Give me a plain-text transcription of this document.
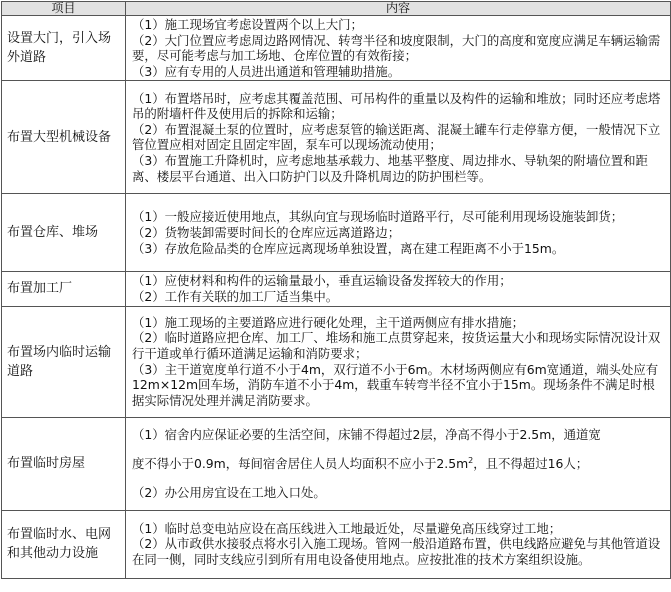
项目	内容
设置大门，引入场外道路	（1）施工现场宜考虑设置两个以上大门；

（2）大门位置应考虑周边路网情况、转弯半径和坡度限制，大门的高度和宽度应满足车辆运输需要，尽可能考虑与加工场地、仓库位置的有效衔接；

（3）应有专用的人员进出通道和管理辅助措施。

布置大型机械设备	（1）布置塔吊时，应考虑其覆盖范围、可吊构件的重量以及构件的运输和堆放；同时还应考虑塔吊的附墙杆件及使用后的拆除和运输；

（2）布置混凝土泵的位置时，应考虑泵管的输送距离、混凝土罐车行走停靠方便，一般情况下立管位置应相对固定且固定牢固，泵车可以现场流动使用；

（3）布置施工升降机时，应考虑地基承载力、地基平整度、周边排水、导轨架的附墙位置和距离、楼层平台通道、出入口防护门以及升降机周边的防护围栏等。

布置仓库、堆场	（1）一般应接近使用地点，其纵向宜与现场临时道路平行，尽可能利用现场设施装卸货；

（2）货物装卸需要时间长的仓库应远离道路边；

（3）存放危险品类的仓库应远离现场单独设置，离在建工程距离不小于15m。

布置加工厂	（1）应使材料和构件的运输量最小，垂直运输设备发挥较大的作用；

（2）工作有关联的加工厂适当集中。

布置场内临时运输道路	（1）施工现场的主要道路应进行硬化处理，主干道两侧应有排水措施；

（2）临时道路应把仓库、加工厂、堆场和施工点贯穿起来，按货运量大小和现场实际情况设计双行干道或单行循环道满足运输和消防要求；

（3）主干道宽度单行道不小于4m，双行道不小于6m。木材场两侧应有6m宽通道，端头处应有12m×12m回车场，消防车道不小于4m，载重车转弯半径不宜小于15m。现场条件不满足时根据实际情况处理并满足消防要求。

布置临时房屋	（1）宿舍内应保证必要的生活空间，床铺不得超过2层，净高不得小于2.5m，通道宽

度不得小于0.9m，每间宿舍居住人员人均面积不应小于$2.5m^2$，且不得超过16人；

（2）办公用房宜设在工地入口处。

布置临时水、电网和其他动力设施	（1）临时总变电站应设在高压线进入工地最近处，尽量避免高压线穿过工地；

（2）从市政供水接驳点将水引入施工现场。管网一般沿道路布置，供电线路应避免与其他管道设在同一侧，同时支线应引到所有用电设备使用地点。应按批准的技术方案组织设施。
